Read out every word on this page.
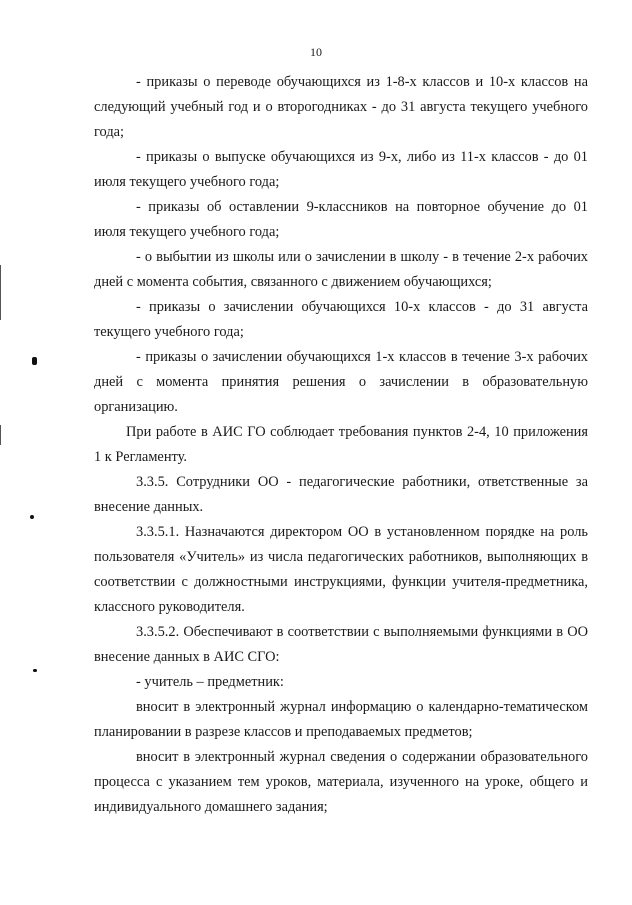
10

- приказы о переводе обучающихся из 1-8-х классов и 10-х классов на следующий учебный год и о второгодниках - до 31 августа текущего учебного года;

- приказы о выпуске обучающихся из 9-х, либо из 11-х классов - до 01 июля текущего учебного года;

- приказы об оставлении 9-классников на повторное обучение до 01 июля текущего учебного года;

- о выбытии из школы или о зачислении в школу - в течение 2-х рабочих дней с момента события, связанного с движением обучающихся;

- приказы о зачислении обучающихся 10-х классов - до 31 августа текущего учебного года;

- приказы о зачислении обучающихся 1-х классов в течение 3-х рабочих дней с момента принятия решения о зачислении в образовательную организацию.

При работе в АИС ГО соблюдает требования пунктов 2-4, 10 приложения 1 к Регламенту.

3.3.5. Сотрудники ОО - педагогические работники, ответственные за внесение данных.

3.3.5.1. Назначаются директором ОО в установленном порядке на роль пользователя «Учитель» из числа педагогических работников, выполняющих в соответствии с должностными инструкциями, функции учителя-предметника, классного руководителя.

3.3.5.2. Обеспечивают в соответствии с выполняемыми функциями в ОО внесение данных в АИС СГО:

- учитель – предметник:

вносит в электронный журнал информацию о календарно-тематическом планировании в разрезе классов и преподаваемых предметов;

вносит в электронный журнал сведения о содержании образовательного процесса с указанием тем уроков, материала, изученного на уроке, общего и индивидуального домашнего задания;
